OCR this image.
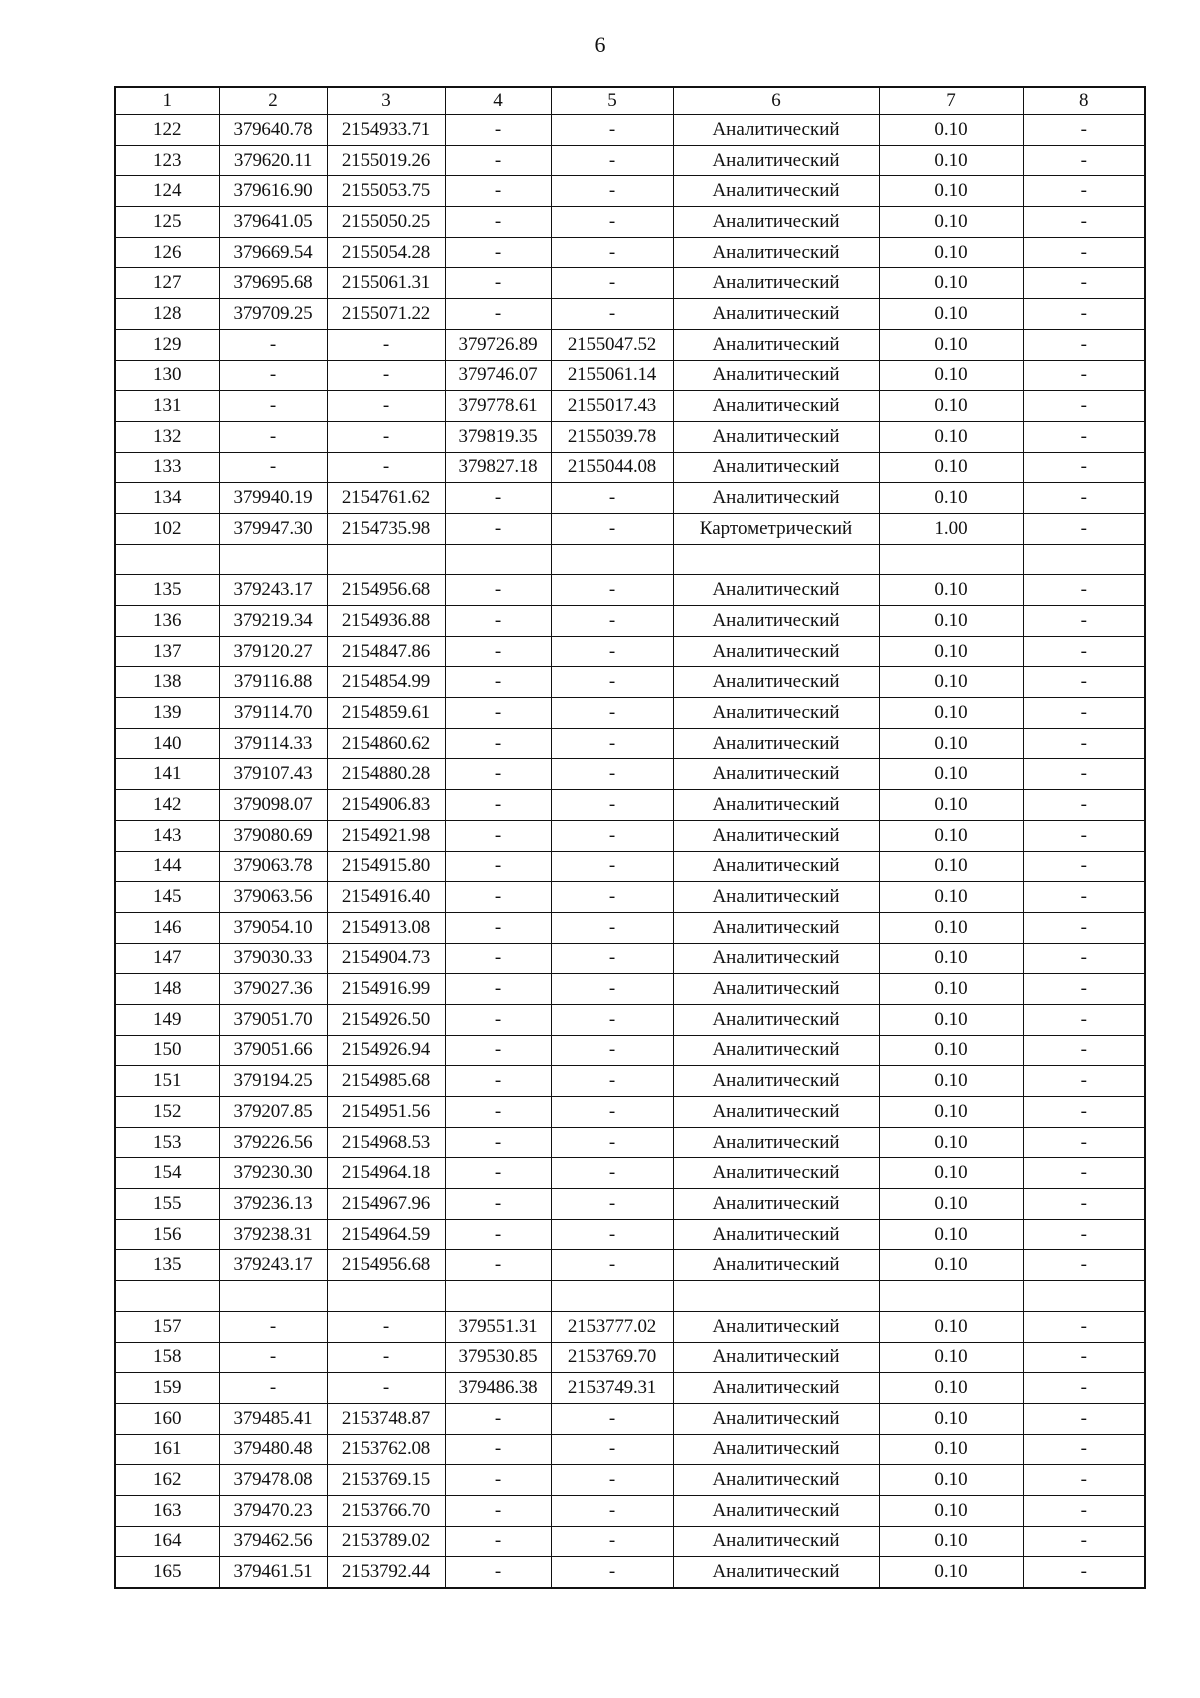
6
1	2	3	4	5	6	7	8
122	379640.78	2154933.71	-	-	Аналитический	0.10	-
123	379620.11	2155019.26	-	-	Аналитический	0.10	-
124	379616.90	2155053.75	-	-	Аналитический	0.10	-
125	379641.05	2155050.25	-	-	Аналитический	0.10	-
126	379669.54	2155054.28	-	-	Аналитический	0.10	-
127	379695.68	2155061.31	-	-	Аналитический	0.10	-
128	379709.25	2155071.22	-	-	Аналитический	0.10	-
129	-	-	379726.89	2155047.52	Аналитический	0.10	-
130	-	-	379746.07	2155061.14	Аналитический	0.10	-
131	-	-	379778.61	2155017.43	Аналитический	0.10	-
132	-	-	379819.35	2155039.78	Аналитический	0.10	-
133	-	-	379827.18	2155044.08	Аналитический	0.10	-
134	379940.19	2154761.62	-	-	Аналитический	0.10	-
102	379947.30	2154735.98	-	-	Картометрический	1.00	-

135	379243.17	2154956.68	-	-	Аналитический	0.10	-
136	379219.34	2154936.88	-	-	Аналитический	0.10	-
137	379120.27	2154847.86	-	-	Аналитический	0.10	-
138	379116.88	2154854.99	-	-	Аналитический	0.10	-
139	379114.70	2154859.61	-	-	Аналитический	0.10	-
140	379114.33	2154860.62	-	-	Аналитический	0.10	-
141	379107.43	2154880.28	-	-	Аналитический	0.10	-
142	379098.07	2154906.83	-	-	Аналитический	0.10	-
143	379080.69	2154921.98	-	-	Аналитический	0.10	-
144	379063.78	2154915.80	-	-	Аналитический	0.10	-
145	379063.56	2154916.40	-	-	Аналитический	0.10	-
146	379054.10	2154913.08	-	-	Аналитический	0.10	-
147	379030.33	2154904.73	-	-	Аналитический	0.10	-
148	379027.36	2154916.99	-	-	Аналитический	0.10	-
149	379051.70	2154926.50	-	-	Аналитический	0.10	-
150	379051.66	2154926.94	-	-	Аналитический	0.10	-
151	379194.25	2154985.68	-	-	Аналитический	0.10	-
152	379207.85	2154951.56	-	-	Аналитический	0.10	-
153	379226.56	2154968.53	-	-	Аналитический	0.10	-
154	379230.30	2154964.18	-	-	Аналитический	0.10	-
155	379236.13	2154967.96	-	-	Аналитический	0.10	-
156	379238.31	2154964.59	-	-	Аналитический	0.10	-
135	379243.17	2154956.68	-	-	Аналитический	0.10	-

157	-	-	379551.31	2153777.02	Аналитический	0.10	-
158	-	-	379530.85	2153769.70	Аналитический	0.10	-
159	-	-	379486.38	2153749.31	Аналитический	0.10	-
160	379485.41	2153748.87	-	-	Аналитический	0.10	-
161	379480.48	2153762.08	-	-	Аналитический	0.10	-
162	379478.08	2153769.15	-	-	Аналитический	0.10	-
163	379470.23	2153766.70	-	-	Аналитический	0.10	-
164	379462.56	2153789.02	-	-	Аналитический	0.10	-
165	379461.51	2153792.44	-	-	Аналитический	0.10	-
